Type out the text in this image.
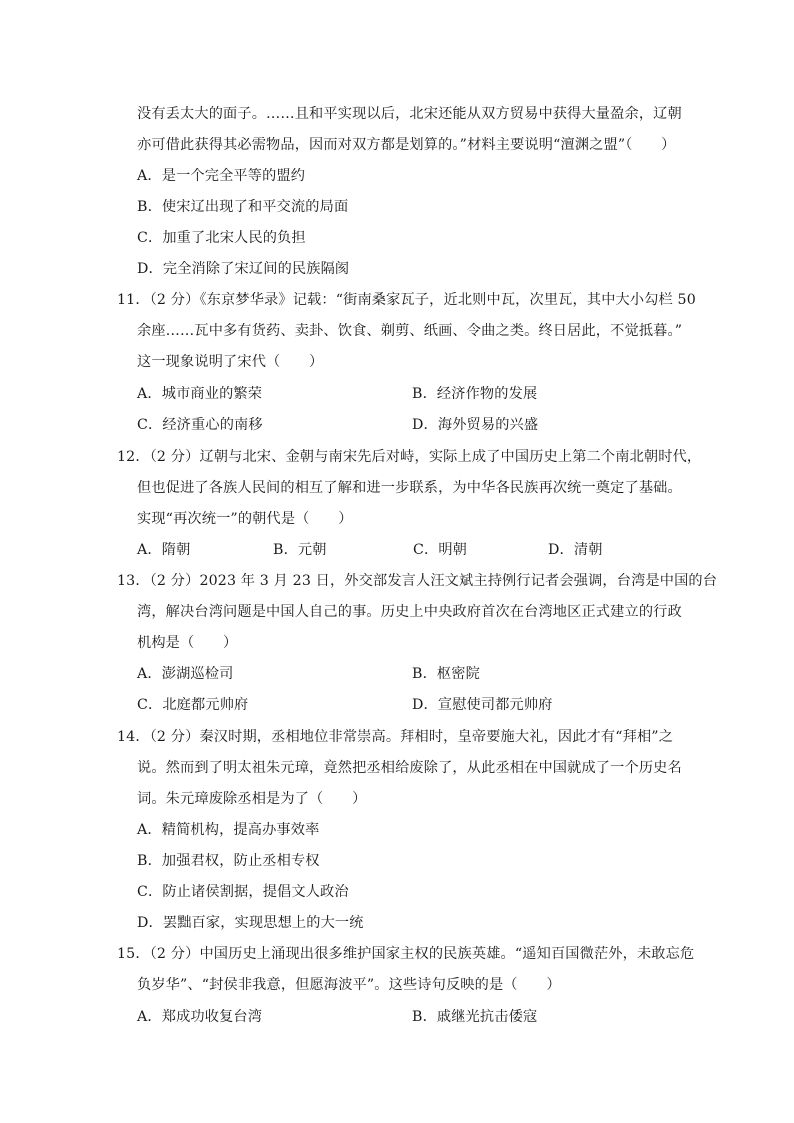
没有丢太大的面子。……且和平实现以后，北宋还能从双方贸易中获得大量盈余，辽朝
亦可借此获得其必需物品，因而对双方都是划算的。”材料主要说明“澶渊之盟”（　　）
A．是一个完全平等的盟约
B．使宋辽出现了和平交流的局面
C．加重了北宋人民的负担
D．完全消除了宋辽间的民族隔阂
11．（2 分）《东京梦华录》记载：“街南桑家瓦子，近北则中瓦，次里瓦，其中大小勾栏 50
余座……瓦中多有货药、卖卦、饮食、剃剪、纸画、令曲之类。终日居此，不觉抵暮。”
这一现象说明了宋代（　　）
A．城市商业的繁荣	B．经济作物的发展
C．经济重心的南移	D．海外贸易的兴盛
12．（2 分）辽朝与北宋、金朝与南宋先后对峙，实际上成了中国历史上第二个南北朝时代，
但也促进了各族人民间的相互了解和进一步联系，为中华各民族再次统一奠定了基础。
实现“再次统一”的朝代是（　　）
A．隋朝	B．元朝	C．明朝	D．清朝
13．（2 分）2023 年 3 月 23 日，外交部发言人汪文斌主持例行记者会强调，台湾是中国的台
湾，解决台湾问题是中国人自己的事。历史上中央政府首次在台湾地区正式建立的行政
机构是（　　）
A．澎湖巡检司	B．枢密院
C．北庭都元帅府	D．宣慰使司都元帅府
14．（2 分）秦汉时期，丞相地位非常崇高。拜相时，皇帝要施大礼，因此才有“拜相”之
说。然而到了明太祖朱元璋，竟然把丞相给废除了，从此丞相在中国就成了一个历史名
词。朱元璋废除丞相是为了（　　）
A．精简机构，提高办事效率
B．加强君权，防止丞相专权
C．防止诸侯割据，提倡文人政治
D．罢黜百家，实现思想上的大一统
15．（2 分）中国历史上涌现出很多维护国家主权的民族英雄。“遥知百国微茫外，未敢忘危
负岁华”、“封侯非我意，但愿海波平”。这些诗句反映的是（　　）
A．郑成功收复台湾	B．戚继光抗击倭寇
